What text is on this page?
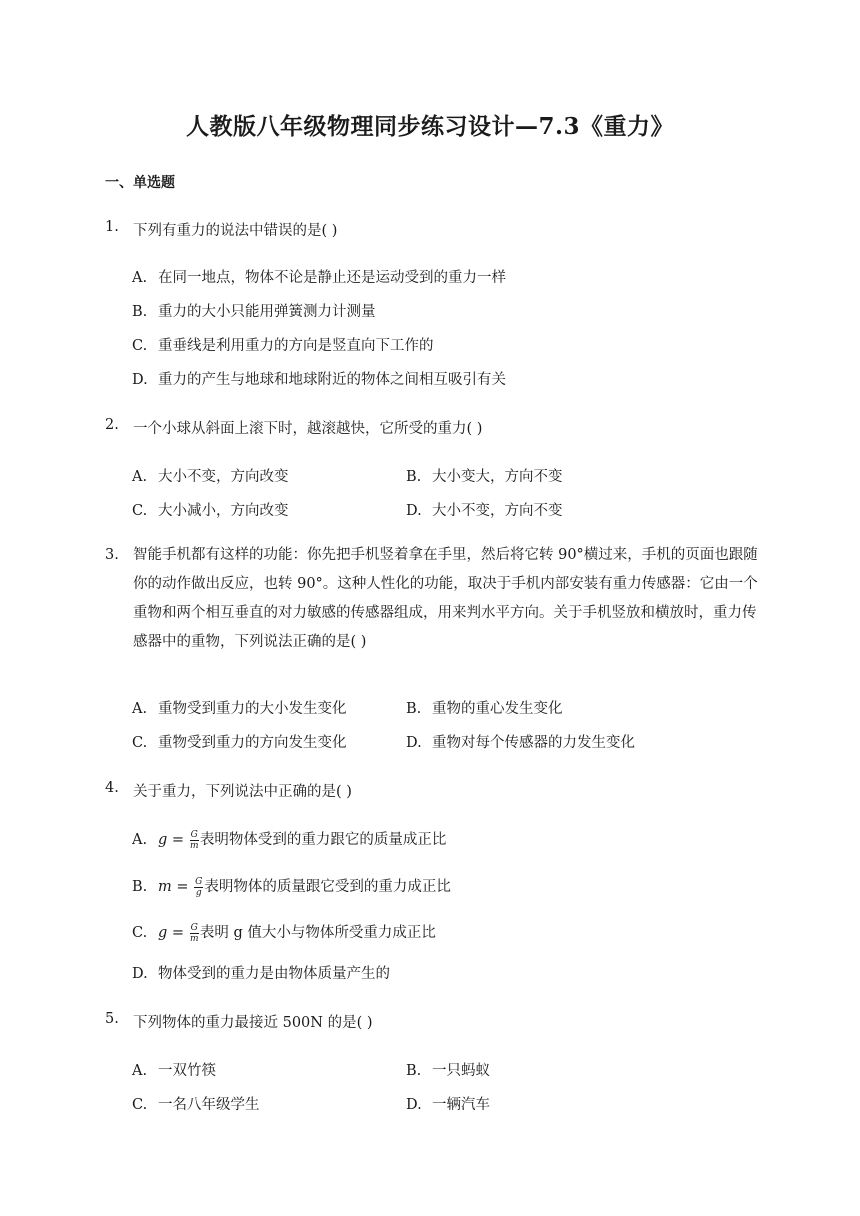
人教版八年级物理同步练习设计—7.3《重力》
一、单选题
1. 下列有重力的说法中错误的是( )
A. 在同一地点，物体不论是静止还是运动受到的重力一样
B. 重力的大小只能用弹簧测力计测量
C. 重垂线是利用重力的方向是竖直向下工作的
D. 重力的产生与地球和地球附近的物体之间相互吸引有关
2. 一个小球从斜面上滚下时，越滚越快，它所受的重力( )
A. 大小不变，方向改变	B. 大小变大，方向不变
C. 大小减小，方向改变	D. 大小不变，方向不变
3. 智能手机都有这样的功能：你先把手机竖着拿在手里，然后将它转 90°横过来，手机的页面也跟随你的动作做出反应，也转 90°。这种人性化的功能，取决于手机内部安装有重力传感器：它由一个重物和两个相互垂直的对力敏感的传感器组成，用来判水平方向。关于手机竖放和横放时，重力传感器中的重物，下列说法正确的是( )
A. 重物受到重力的大小发生变化	B. 重物的重心发生变化
C. 重物受到重力的方向发生变化	D. 重物对每个传感器的力发生变化
4. 关于重力，下列说法中正确的是( )
A. $g = \frac{G}{m}$ 表明物体受到的重力跟它的质量成正比
B. $m = \frac{G}{g}$ 表明物体的质量跟它受到的重力成正比
C. $g = \frac{G}{m}$ 表明 g 值大小与物体所受重力成正比
D. 物体受到的重力是由物体质量产生的
5. 下列物体的重力最接近 500N 的是( )
A. 一双竹筷	B. 一只蚂蚁
C. 一名八年级学生	D. 一辆汽车
